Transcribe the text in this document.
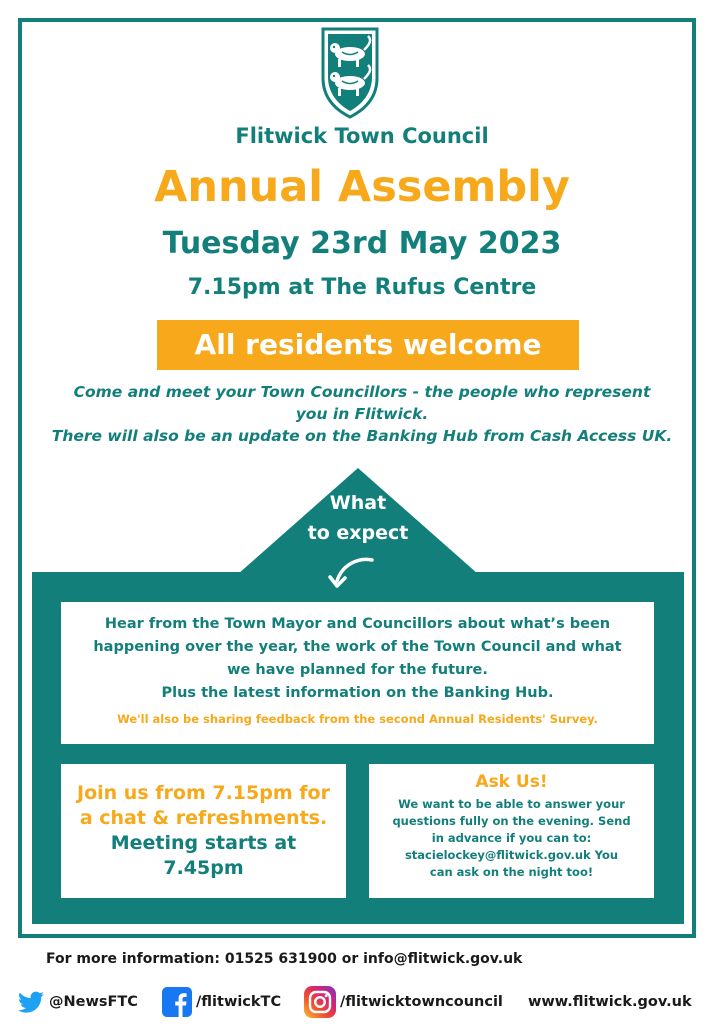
Flitwick Town Council
Annual Assembly
Tuesday 23rd May 2023
7.15pm at The Rufus Centre
All residents welcome
Come and meet your Town Councillors - the people who represent
you in Flitwick.
There will also be an update on the Banking Hub from Cash Access UK.
What
to expect
Hear from the Town Mayor and Councillors about what’s been
happening over the year, the work of the Town Council and what
we have planned for the future.
Plus the latest information on the Banking Hub.
We'll also be sharing feedback from the second Annual Residents' Survey.
Join us from 7.15pm for
a chat & refreshments.
Meeting starts at
7.45pm
Ask Us!
We want to be able to answer your
questions fully on the evening. Send
in advance if you can to:
stacielockey@flitwick.gov.uk You
can ask on the night too!
For more information: 01525 631900 or info@flitwick.gov.uk
@NewsFTC	/flitwickTC	/flitwicktowncouncil www.flitwick.gov.uk
